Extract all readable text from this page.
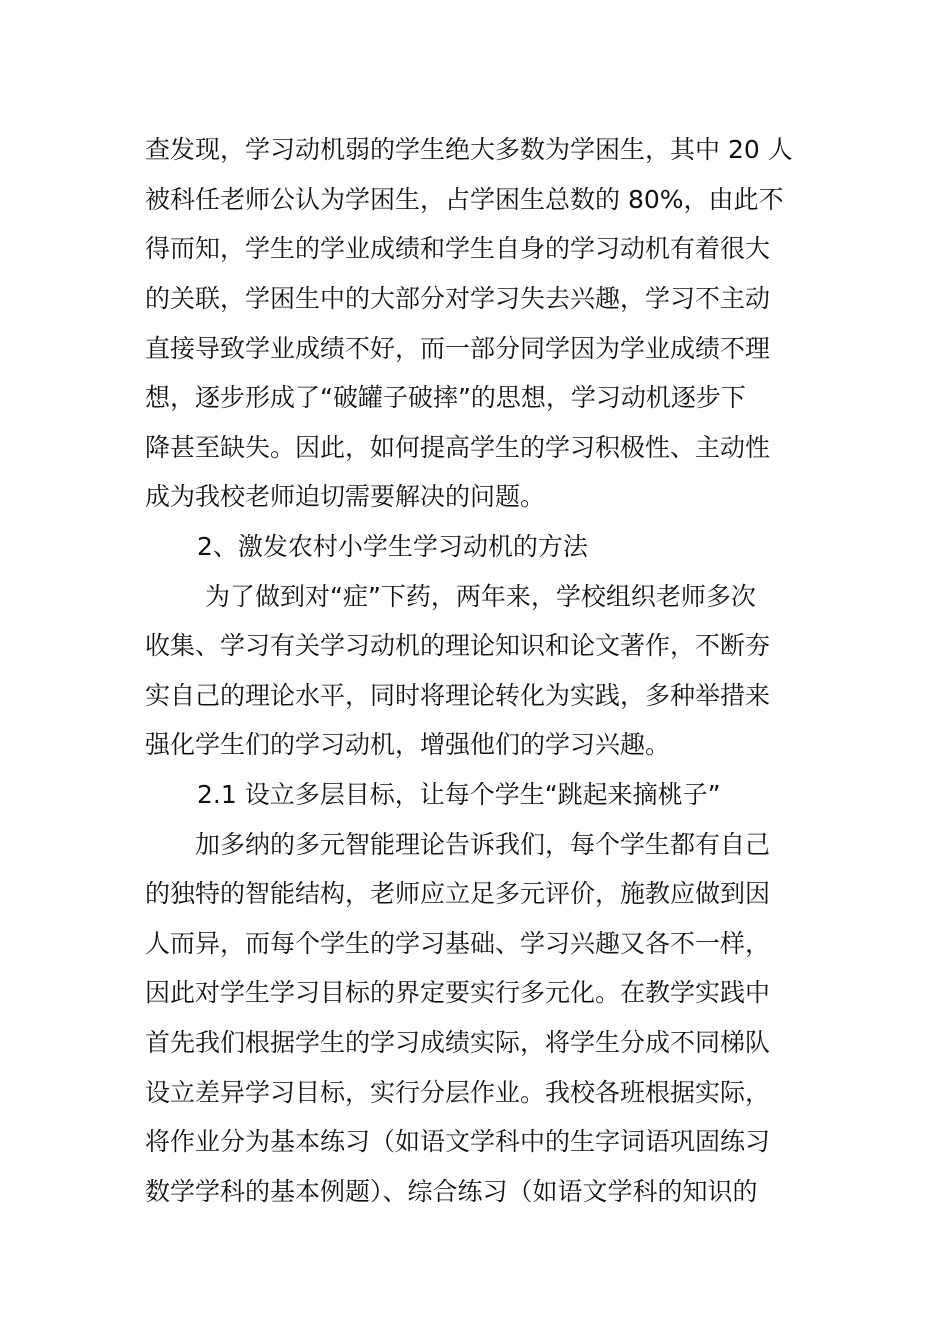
查发现，学习动机弱的学生绝大多数为学困生，其中 20 人
被科任老师公认为学困生，占学困生总数的 80%，由此不
得而知，学生的学业成绩和学生自身的学习动机有着很大
的关联，学困生中的大部分对学习失去兴趣，学习不主动
直接导致学业成绩不好，而一部分同学因为学业成绩不理
想，逐步形成了“破罐子破摔”的思想，学习动机逐步下
降甚至缺失。因此，如何提高学生的学习积极性、主动性
成为我校老师迫切需要解决的问题。
2、激发农村小学生学习动机的方法
为了做到对“症”下药，两年来，学校组织老师多次
收集、学习有关学习动机的理论知识和论文著作，不断夯
实自己的理论水平，同时将理论转化为实践，多种举措来
强化学生们的学习动机，增强他们的学习兴趣。
2.1 设立多层目标，让每个学生“跳起来摘桃子”
加多纳的多元智能理论告诉我们，每个学生都有自己
的独特的智能结构，老师应立足多元评价，施教应做到因
人而异，而每个学生的学习基础、学习兴趣又各不一样，
因此对学生学习目标的界定要实行多元化。在教学实践中
首先我们根据学生的学习成绩实际，将学生分成不同梯队
设立差异学习目标，实行分层作业。我校各班根据实际，
将作业分为基本练习（如语文学科中的生字词语巩固练习
数学学科的基本例题）、综合练习（如语文学科的知识的
